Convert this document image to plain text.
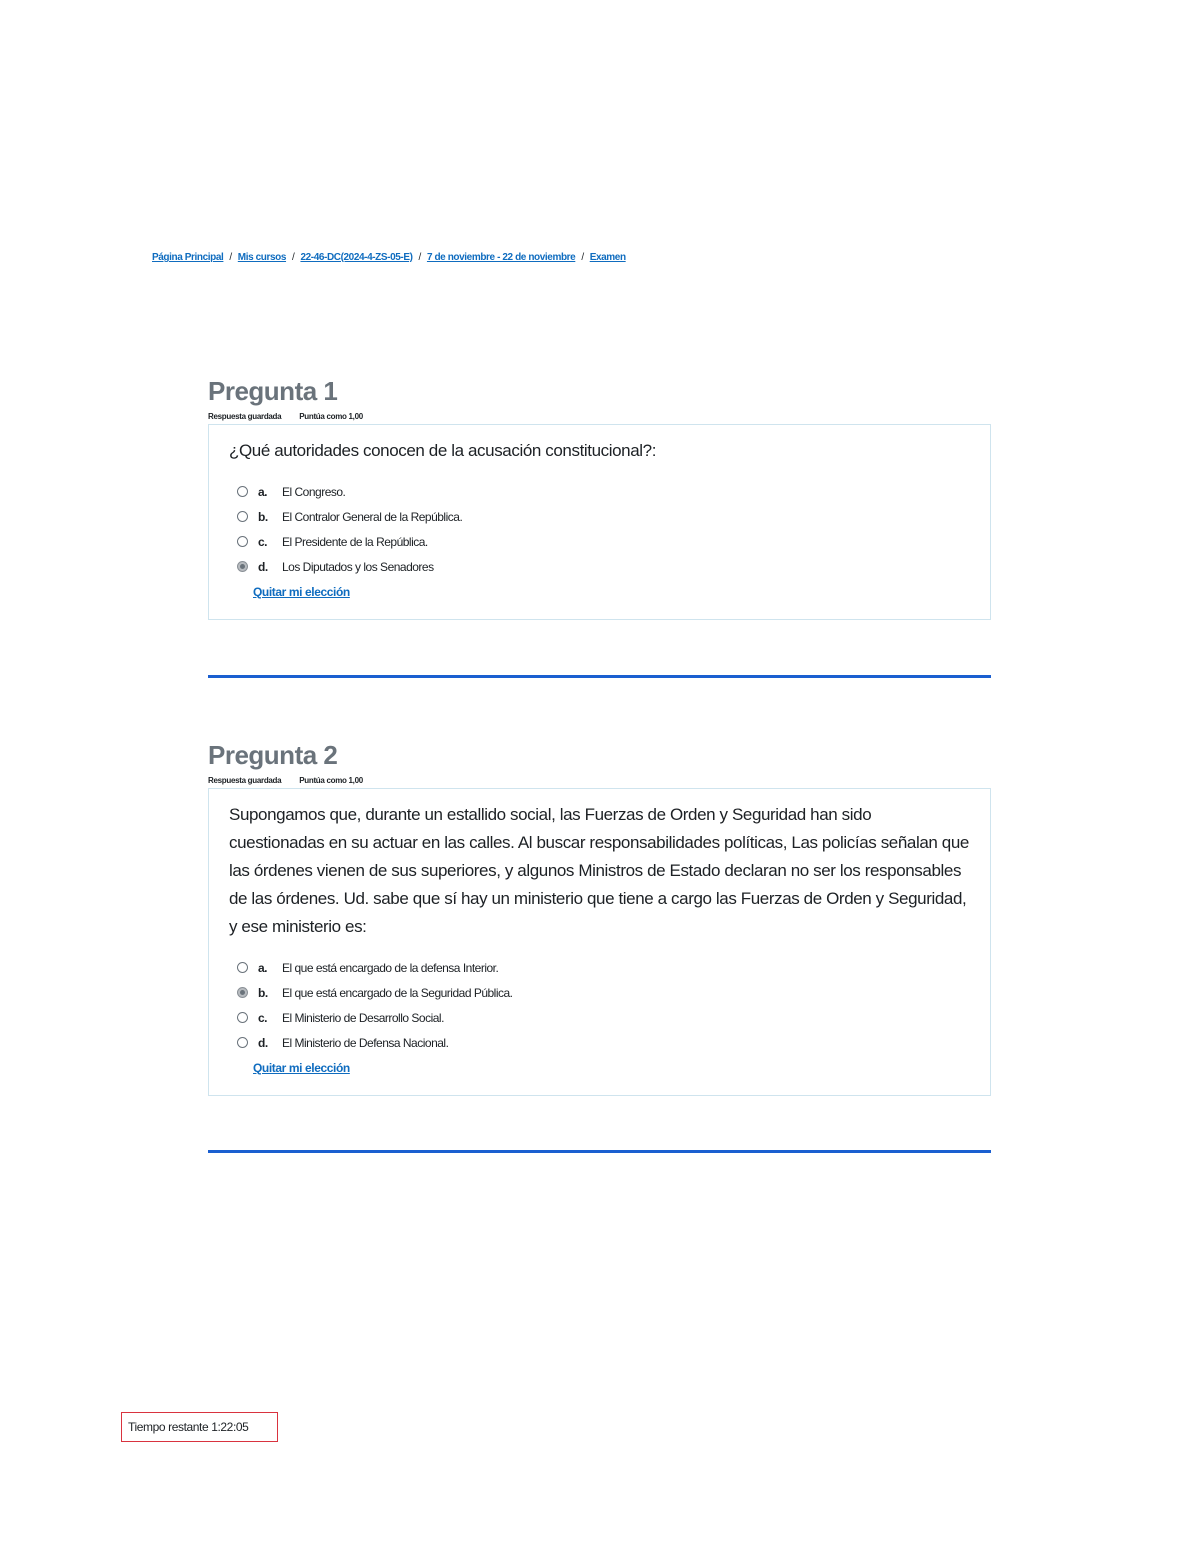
Página Principal / Mis cursos / 22-46-DC(2024-4-ZS-05-E) / 7 de noviembre - 22 de noviembre / Examen
Pregunta 1
Respuesta guardada Puntúa como 1,00

¿Qué autoridades conocen de la acusación constitucional?:

a.	El Congreso.
b.	El Contralor General de la República.
c.	El Presidente de la República.
d.	Los Diputados y los Senadores
Quitar mi elección
Pregunta 2
Respuesta guardada Puntúa como 1,00

Supongamos que, durante un estallido social, las Fuerzas de Orden y Seguridad han sido cuestionadas en su actuar en las calles. Al buscar responsabilidades políticas, Las policías señalan que las órdenes vienen de sus superiores, y algunos Ministros de Estado declaran no ser los responsables de las órdenes. Ud. sabe que sí hay un ministerio que tiene a cargo las Fuerzas de Orden y Seguridad, y ese ministerio es:

a.	El que está encargado de la defensa Interior.
b.	El que está encargado de la Seguridad Pública.
c.	El Ministerio de Desarrollo Social.
d.	El Ministerio de Defensa Nacional.
Quitar mi elección
Tiempo restante 1:22:05
